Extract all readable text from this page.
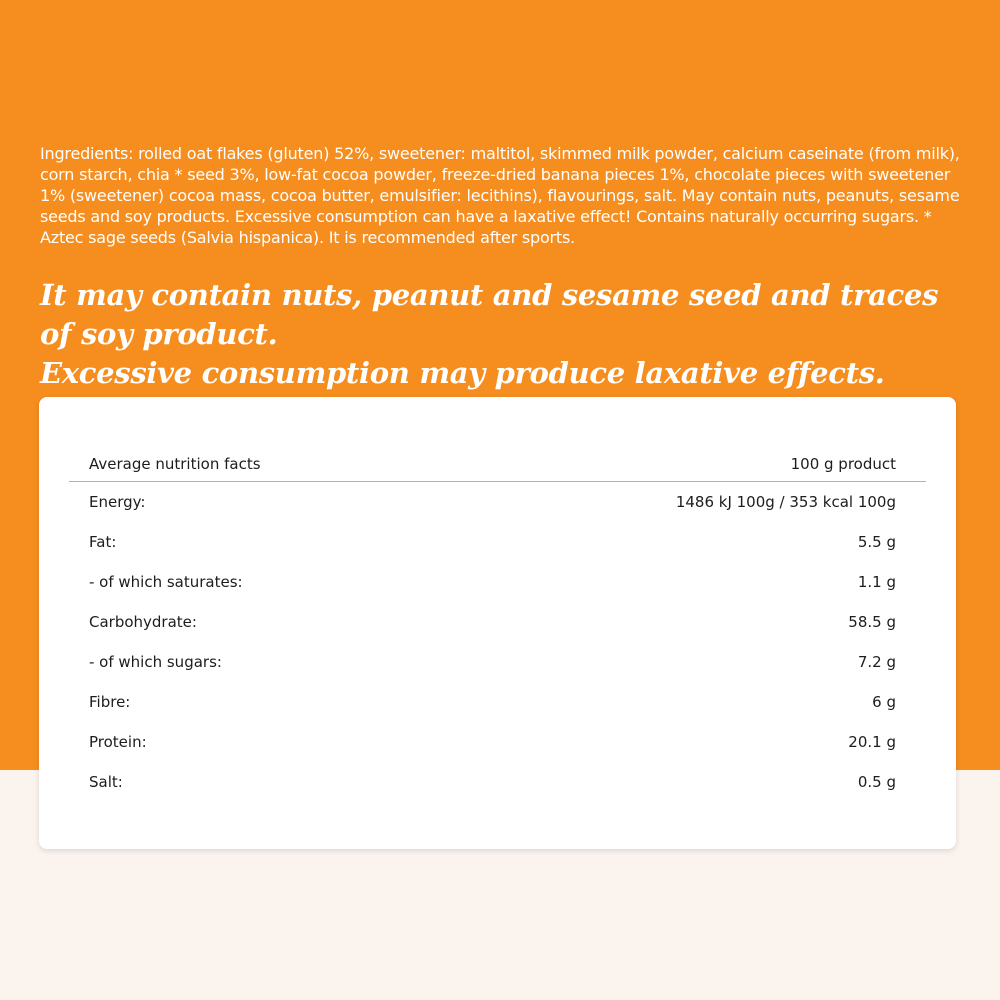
Ingredients: rolled oat flakes (gluten) 52%, sweetener: maltitol, skimmed milk powder, calcium caseinate (from milk), corn starch, chia * seed 3%, low-fat cocoa powder, freeze-dried banana pieces 1%, chocolate pieces with sweetener 1% (sweetener) cocoa mass, cocoa butter, emulsifier: lecithins), flavourings, salt. May contain nuts, peanuts, sesame seeds and soy products. Excessive consumption can have a laxative effect! Contains naturally occurring sugars. * Aztec sage seeds (Salvia hispanica). It is recommended after sports.
It may contain nuts, peanut and sesame seed and traces of soy product.
Excessive consumption may produce laxative effects.
Average nutrition facts	100 g product
Energy:	1486 kJ 100g / 353 kcal 100g
Fat:	5.5 g
- of which saturates:	1.1 g
Carbohydrate:	58.5 g
- of which sugars:	7.2 g
Fibre:	6 g
Protein:	20.1 g
Salt:	0.5 g
